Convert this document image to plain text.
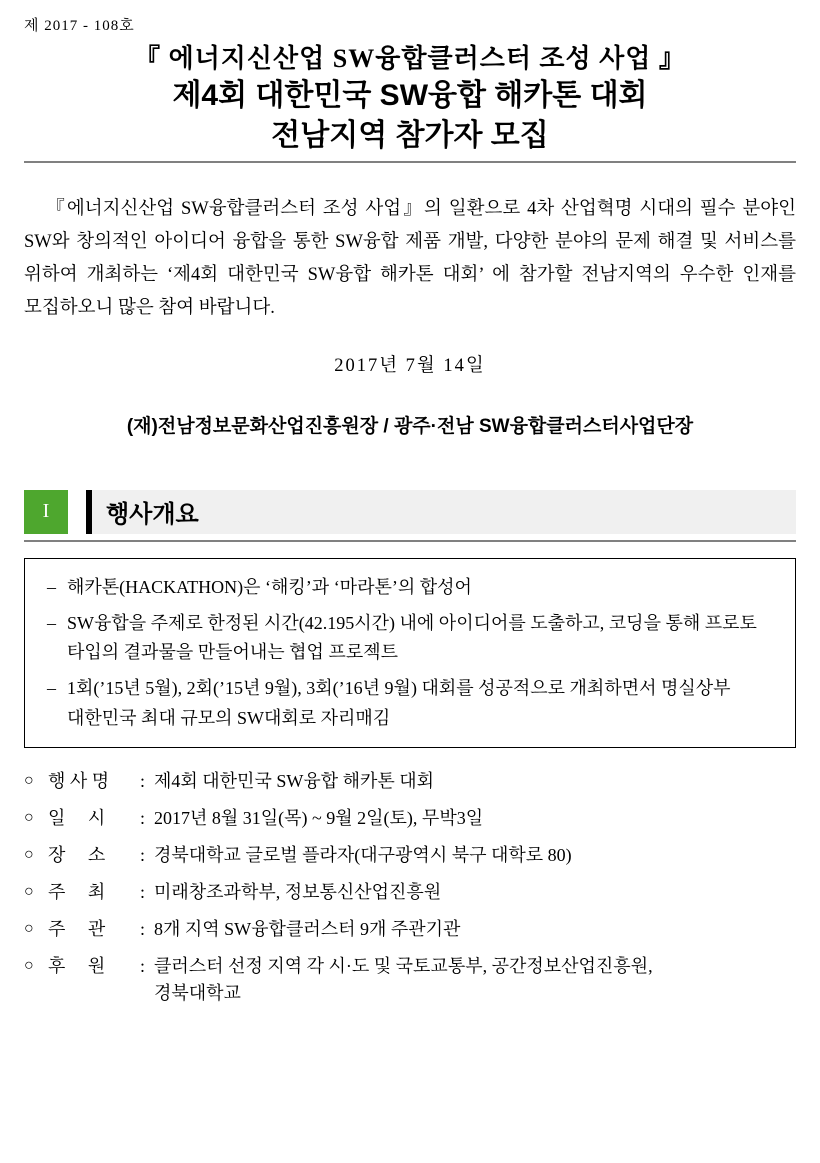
제 2017 - 108호
『 에너지신산업 SW융합클러스터 조성 사업 』
제4회 대한민국 SW융합 해카톤 대회
전남지역 참가자 모집

『에너지신산업 SW융합클러스터 조성 사업』의 일환으로 4차 산업혁명 시대의 필수 분야인 SW와 창의적인 아이디어 융합을 통한 SW융합 제품 개발, 다양한 분야의 문제 해결 및 서비스를 위하여 개최하는 ‘제4회 대한민국 SW융합 해카톤 대회’ 에 참가할 전남지역의 우수한 인재를 모집하오니 많은 참여 바랍니다.

2017년 7월 14일
(재)전남정보문화산업진흥원장 / 광주·전남 SW융합클러스터사업단장
I	행사개요
– 해카톤(HACKATHON)은 ‘해킹’과 ‘마라톤’의 합성어
– SW융합을 주제로 한정된 시간(42.195시간) 내에 아이디어를 도출하고, 코딩을 통해 프로토 타입의 결과물을 만들어내는 협업 프로젝트
– 1회(’15년 5월), 2회(’15년 9월), 3회(’16년 9월) 대회를 성공적으로 개최하면서 명실상부 대한민국 최대 규모의 SW대회로 자리매김
○ 행 사 명	: 제4회 대한민국 SW융합 해카톤 대회
○ 일     시	: 2017년 8월 31일(목) ~ 9월 2일(토), 무박3일
○ 장     소	: 경북대학교 글로벌 플라자(대구광역시 북구 대학로 80)
○ 주     최	: 미래창조과학부, 정보통신산업진흥원
○ 주     관	: 8개 지역 SW융합클러스터 9개 주관기관
○ 후     원	: 클러스터 선정 지역 각 시·도 및 국토교통부, 공간정보산업진흥원,
경북대학교
